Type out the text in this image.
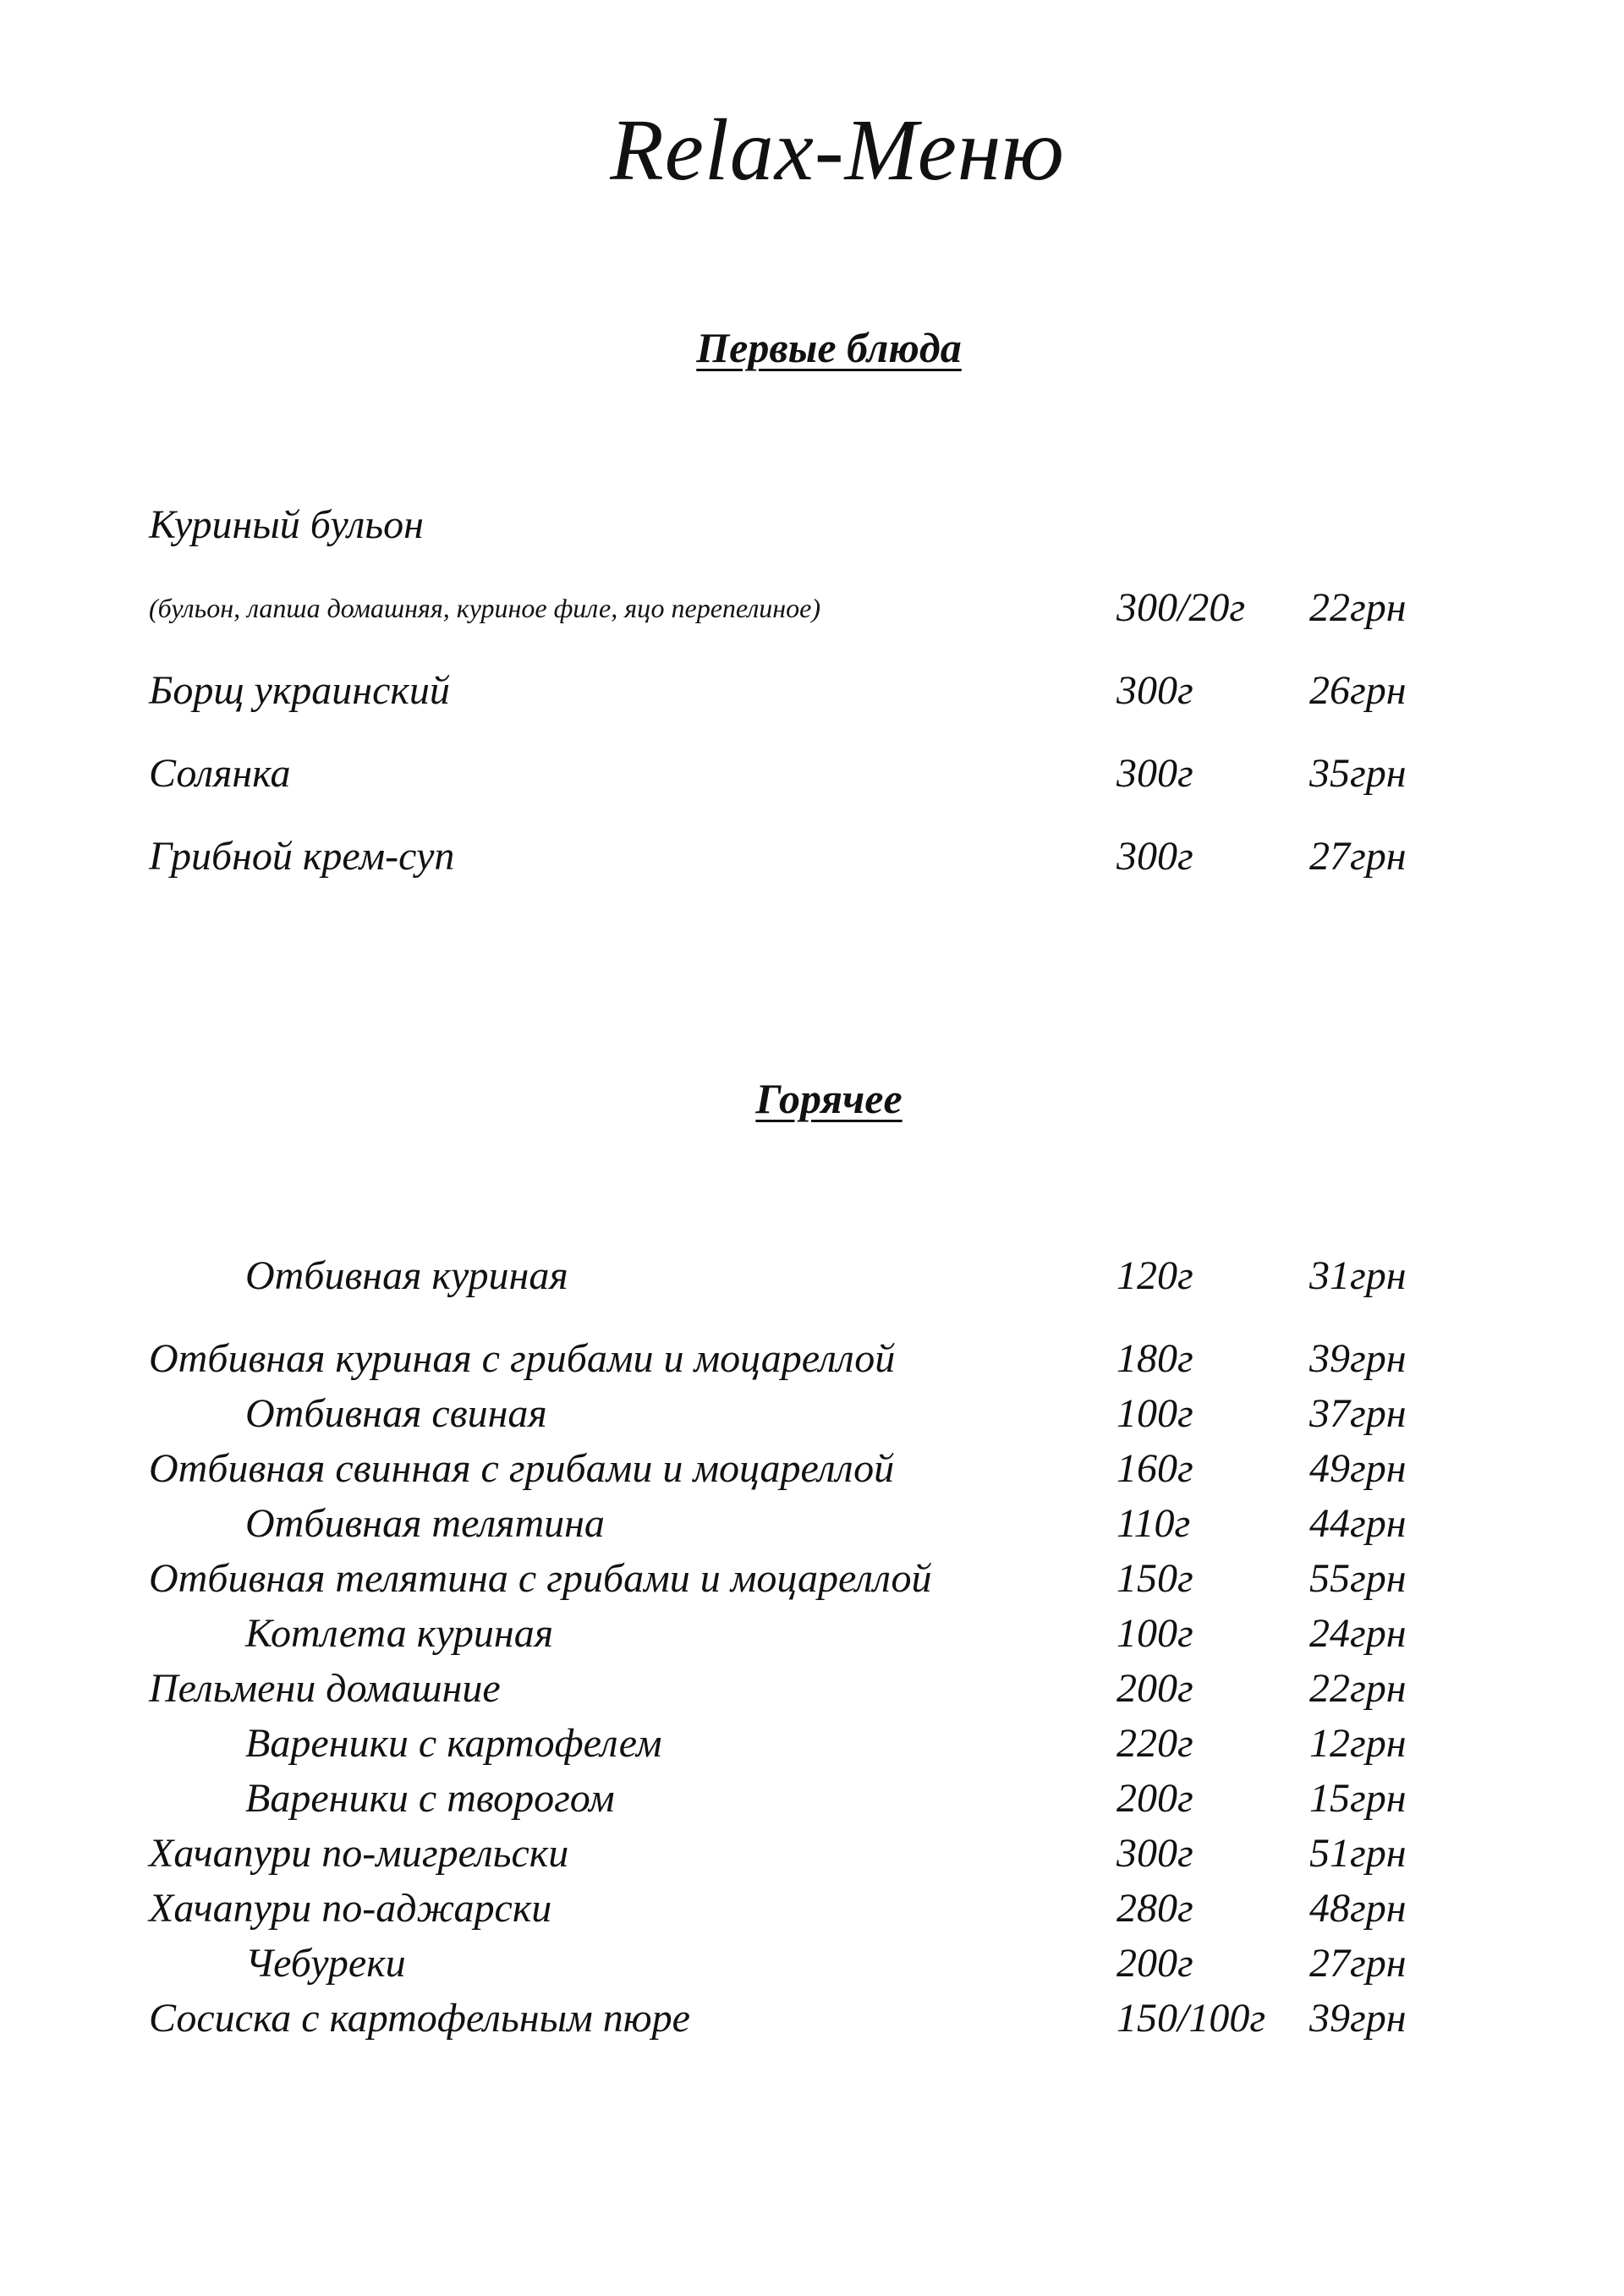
Relax-Меню
Первые блюда
Куриный бульон
(бульон, лапша домашняя, куриное филе, яцо перепелиное)	300/20г 22грн
Борщ украинский	300г	26грн
Солянка	300г	35грн
Грибной крем-суп	300г	27грн
Горячее
Отбивная куриная	120г	31грн
Отбивная куриная с грибами и моцареллой	180г	39грн
Отбивная свиная	100г	37грн
Отбивная свинная с грибами и моцареллой	160г	49грн
Отбивная телятина	110г	44грн
Отбивная телятина с грибами и моцареллой	150г	55грн
Котлета куриная	100г	24грн
Пельмени домашние	200г	22грн
Вареники с картофелем	220г	12грн
Вареники с творогом	200г	15грн
Хачапури по-мигрельски	300г	51грн
Хачапури по-аджарски	280г	48грн
Чебуреки	200г	27грн
Сосиска с картофельным пюре	150/100г 39грн
